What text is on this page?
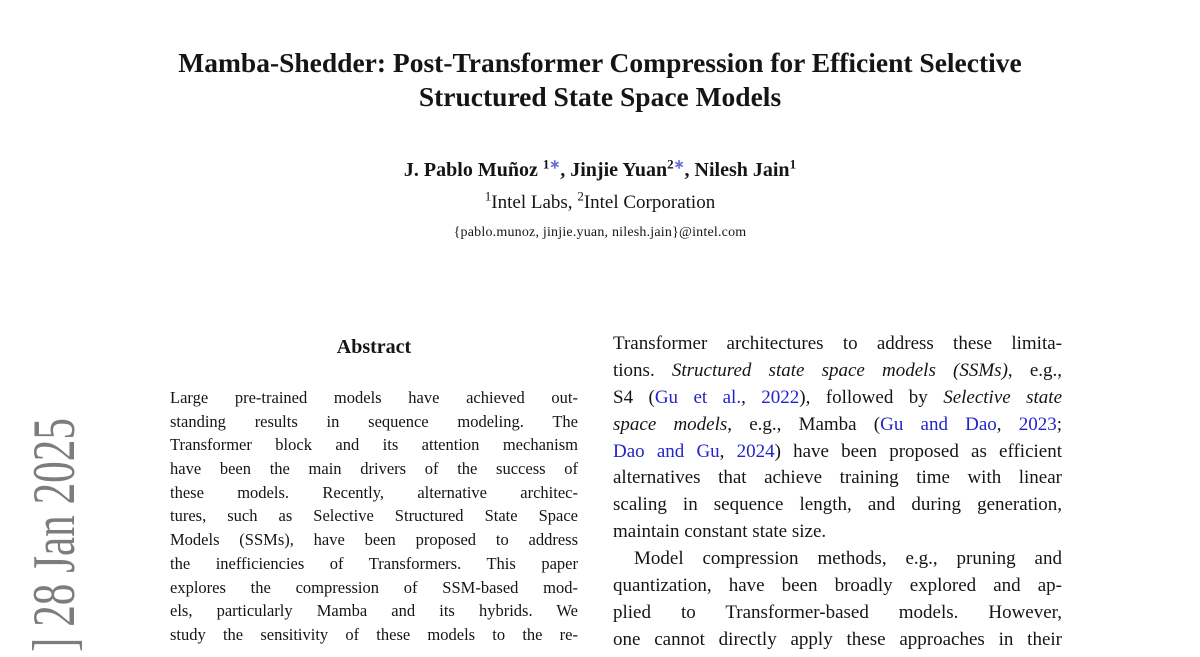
] 28 Jan 2025
Mamba-Shedder: Post-Transformer Compression for Efficient Selective
Structured State Space Models
J. Pablo Muñoz $^{1∗}$, Jinjie Yuan$^{2∗}$, Nilesh Jain$^1$
$^1$Intel Labs, $^2$Intel Corporation
{pablo.munoz, jinjie.yuan, nilesh.jain}@intel.com
Abstract
Large pre-trained models have achieved out-
standing results in sequence modeling. The
Transformer block and its attention mechanism
have been the main drivers of the success of
these models. Recently, alternative architec-
tures, such as Selective Structured State Space
Models (SSMs), have been proposed to address
the inefficiencies of Transformers. This paper
explores the compression of SSM-based mod-
els, particularly Mamba and its hybrids. We
study the sensitivity of these models to the re-
Transformer architectures to address these limita-
tions. Structured state space models (SSMs), e.g.,
S4 (Gu et al., 2022), followed by Selective state
space models, e.g., Mamba (Gu and Dao, 2023;
Dao and Gu, 2024) have been proposed as efficient
alternatives that achieve training time with linear
scaling in sequence length, and during generation,
maintain constant state size.
Model compression methods, e.g., pruning and
quantization, have been broadly explored and ap-
plied to Transformer-based models. However,
one cannot directly apply these approaches in their
